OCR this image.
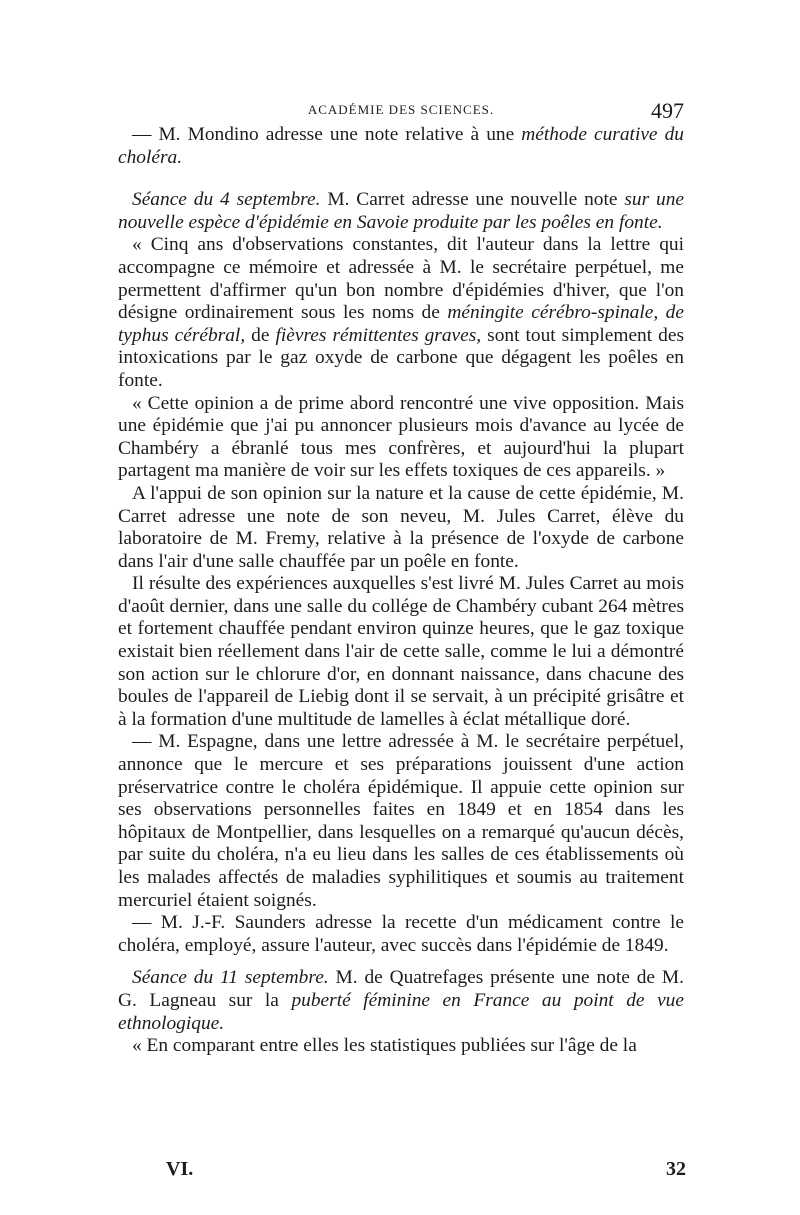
ACADÉMIE DES SCIENCES.	497

— M. Mondino adresse une note relative à une méthode curative du choléra.

Séance du 4 septembre. M. Carret adresse une nouvelle note sur une nouvelle espèce d'épidémie en Savoie produite par les poêles en fonte.

« Cinq ans d'observations constantes, dit l'auteur dans la lettre qui accompagne ce mémoire et adressée à M. le secrétaire perpétuel, me permettent d'affirmer qu'un bon nombre d'épidémies d'hiver, que l'on désigne ordinairement sous les noms de méningite cérébro-spinale, de typhus cérébral, de fièvres rémittentes graves, sont tout simplement des intoxications par le gaz oxyde de carbone que dégagent les poêles en fonte.

« Cette opinion a de prime abord rencontré une vive opposition. Mais une épidémie que j'ai pu annoncer plusieurs mois d'avance au lycée de Chambéry a ébranlé tous mes confrères, et aujourd'hui la plupart partagent ma manière de voir sur les effets toxiques de ces appareils. »

A l'appui de son opinion sur la nature et la cause de cette épidémie, M. Carret adresse une note de son neveu, M. Jules Carret, élève du laboratoire de M. Fremy, relative à la présence de l'oxyde de carbone dans l'air d'une salle chauffée par un poêle en fonte.

Il résulte des expériences auxquelles s'est livré M. Jules Carret au mois d'août dernier, dans une salle du collége de Chambéry cubant 264 mètres et fortement chauffée pendant environ quinze heures, que le gaz toxique existait bien réellement dans l'air de cette salle, comme le lui a démontré son action sur le chlorure d'or, en donnant naissance, dans chacune des boules de l'appareil de Liebig dont il se servait, à un précipité grisâtre et à la formation d'une multitude de lamelles à éclat métallique doré.

— M. Espagne, dans une lettre adressée à M. le secrétaire perpétuel, annonce que le mercure et ses préparations jouissent d'une action préservatrice contre le choléra épidémique. Il appuie cette opinion sur ses observations personnelles faites en 1849 et en 1854 dans les hôpitaux de Montpellier, dans lesquelles on a remarqué qu'aucun décès, par suite du choléra, n'a eu lieu dans les salles de ces établissements où les malades affectés de maladies syphilitiques et soumis au traitement mercuriel étaient soignés.

— M. J.-F. Saunders adresse la recette d'un médicament contre le choléra, employé, assure l'auteur, avec succès dans l'épidémie de 1849.

Séance du 11 septembre. M. de Quatrefages présente une note de M. G. Lagneau sur la puberté féminine en France au point de vue ethnologique.

« En comparant entre elles les statistiques publiées sur l'âge de la

VI.	32
